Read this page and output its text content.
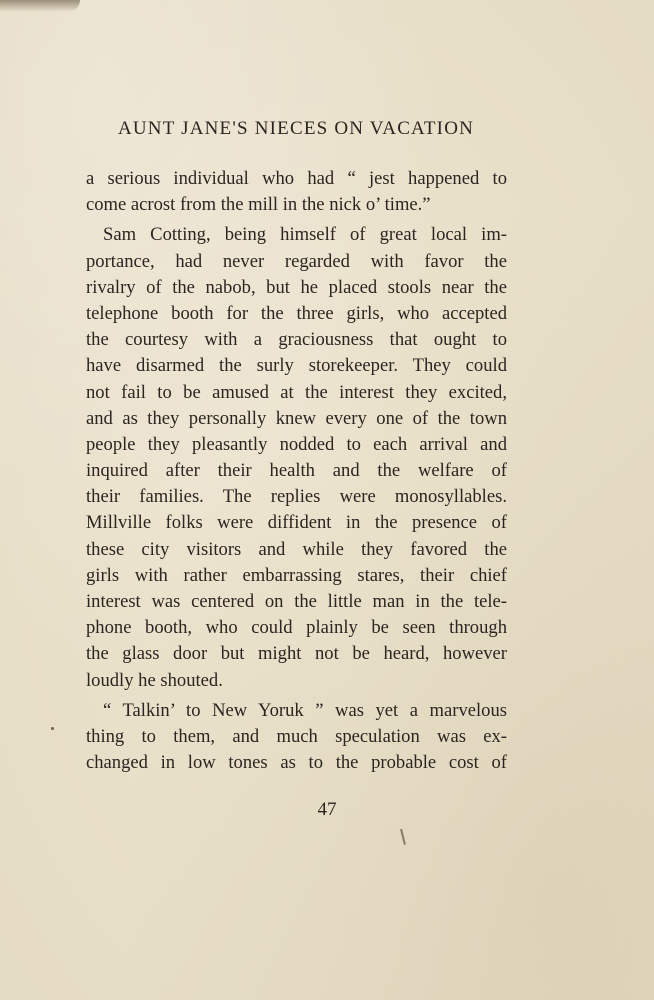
AUNT JANE'S NIECES ON VACATION
a serious individual who had “ jest happened to
come acrost from the mill in the nick o’ time.”
Sam Cotting, being himself of great local im-
portance, had never regarded with favor the
rivalry of the nabob, but he placed stools near the
telephone booth for the three girls, who accepted
the courtesy with a graciousness that ought to
have disarmed the surly storekeeper. They could
not fail to be amused at the interest they excited,
and as they personally knew every one of the town
people they pleasantly nodded to each arrival and
inquired after their health and the welfare of
their families. The replies were monosyllables.
Millville folks were diffident in the presence of
these city visitors and while they favored the
girls with rather embarrassing stares, their chief
interest was centered on the little man in the tele-
phone booth, who could plainly be seen through
the glass door but might not be heard, however
loudly he shouted.
“ Talkin’ to New Yoruk ” was yet a marvelous
thing to them, and much speculation was ex-
changed in low tones as to the probable cost of
47
